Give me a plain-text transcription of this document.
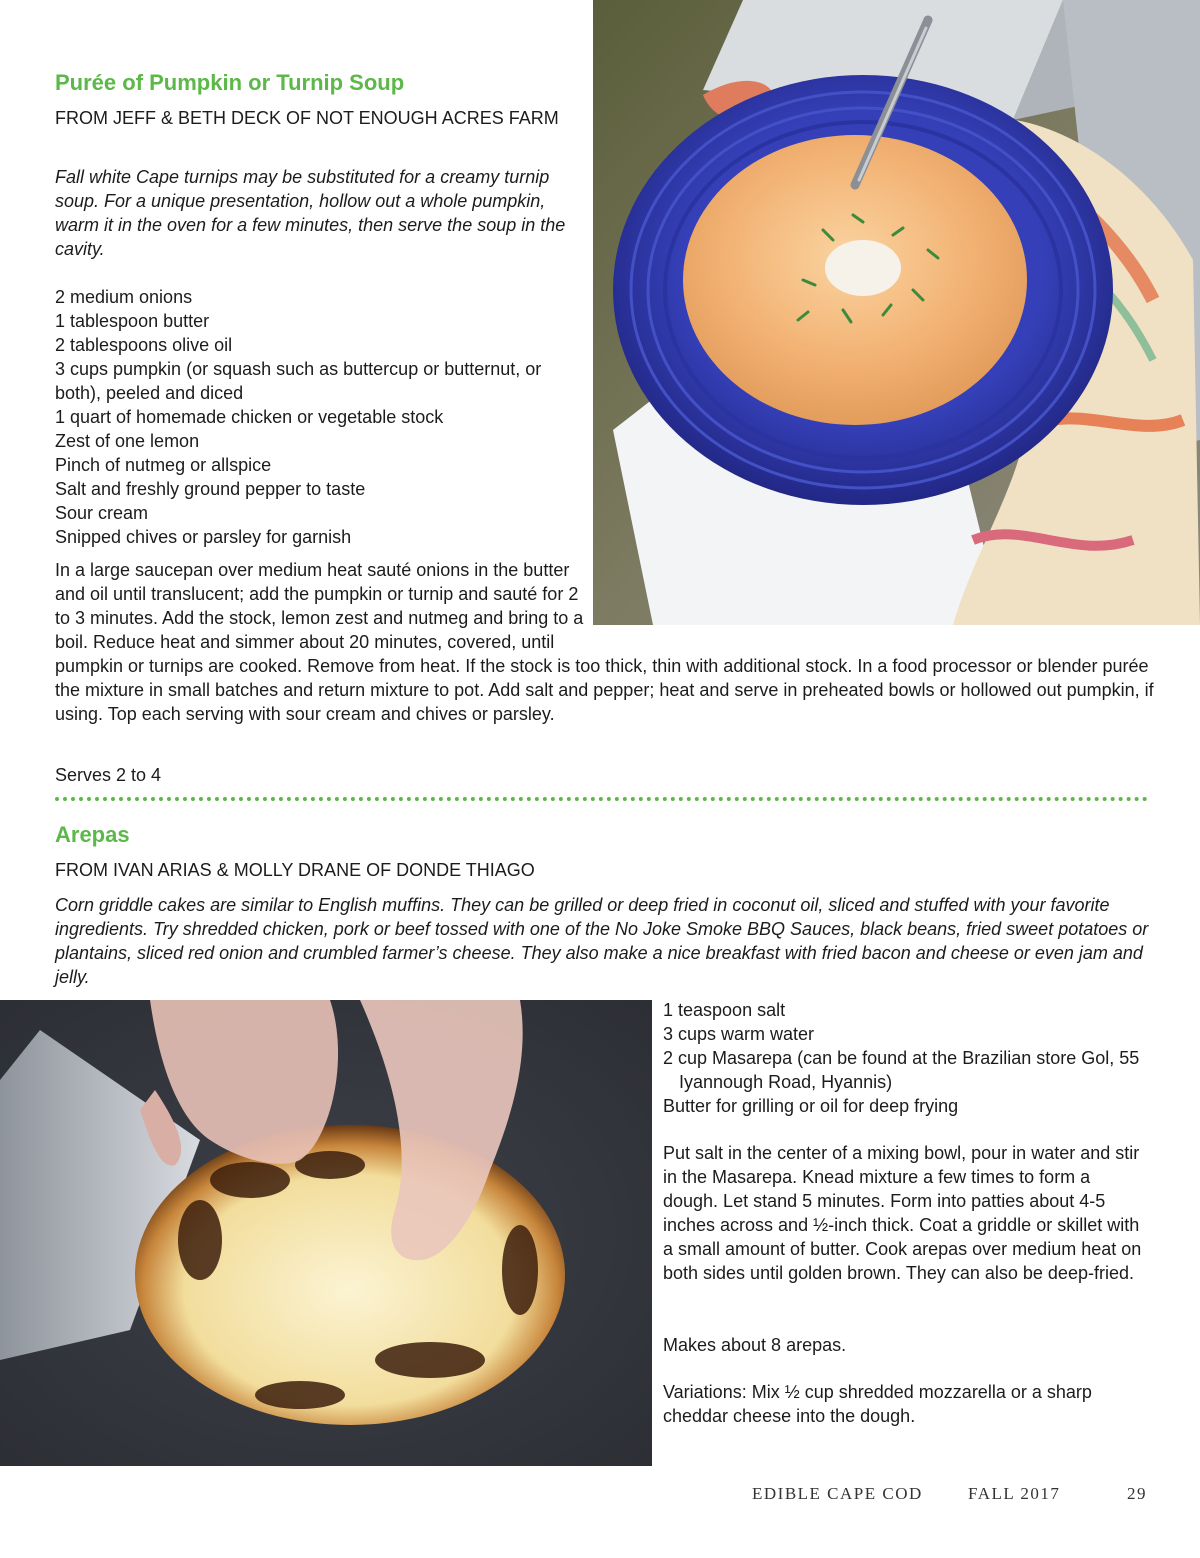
Purée of Pumpkin or Turnip Soup

FROM JEFF & BETH DECK OF NOT ENOUGH ACRES FARM

Fall white Cape turnips may be substituted for a creamy turnip soup. For a unique presentation, hollow out a whole pumpkin, warm it in the oven for a few minutes, then serve the soup in the cavity.

2 medium onions
1 tablespoon butter
2 tablespoons olive oil
3 cups pumpkin (or squash such as buttercup or butternut, or both), peeled and diced
1 quart of homemade chicken or vegetable stock
Zest of one lemon
Pinch of nutmeg or allspice
Salt and freshly ground pepper to taste
Sour cream
Snipped chives or parsley for garnish

In a large saucepan over medium heat sauté onions in the butter and oil until translucent; add the pumpkin or turnip and sauté for 2 to 3 minutes. Add the stock, lemon zest and nutmeg and bring to a boil. Reduce heat and simmer about 20 minutes, covered, until pumpkin or turnips are cooked. Remove from heat. If the stock is too thick, thin with additional stock. In a food processor or blender purée the mixture in small batches and return mixture to pot. Add salt and pepper; heat and serve in preheated bowls or hollowed out pumpkin, if using. Top each serving with sour cream and chives or parsley.

Serves 2 to 4

Arepas

FROM IVAN ARIAS & MOLLY DRANE OF DONDE THIAGO

Corn griddle cakes are similar to English muffins. They can be grilled or deep fried in coconut oil, sliced and stuffed with your favorite ingredients. Try shredded chicken, pork or beef tossed with one of the No Joke Smoke BBQ Sauces, black beans, fried sweet potatoes or plantains, sliced red onion and crumbled farmer’s cheese. They also make a nice breakfast with fried bacon and cheese or even jam and jelly.

1 teaspoon salt
3 cups warm water
2 cup Masarepa (can be found at the Brazilian store Gol, 55 Iyannough Road, Hyannis)
Butter for grilling or oil for deep frying

Put salt in the center of a mixing bowl, pour in water and stir in the Masarepa. Knead mixture a few times to form a dough. Let stand 5 minutes. Form into patties about 4-5 inches across and ½-inch thick. Coat a griddle or skillet with a small amount of butter. Cook arepas over medium heat on both sides until golden brown. They can also be deep-fried.

Makes about 8 arepas.

Variations: Mix ½ cup shredded mozzarella or a sharp cheddar cheese into the dough.

EDIBLE CAPE COD	FALL 2017	29
